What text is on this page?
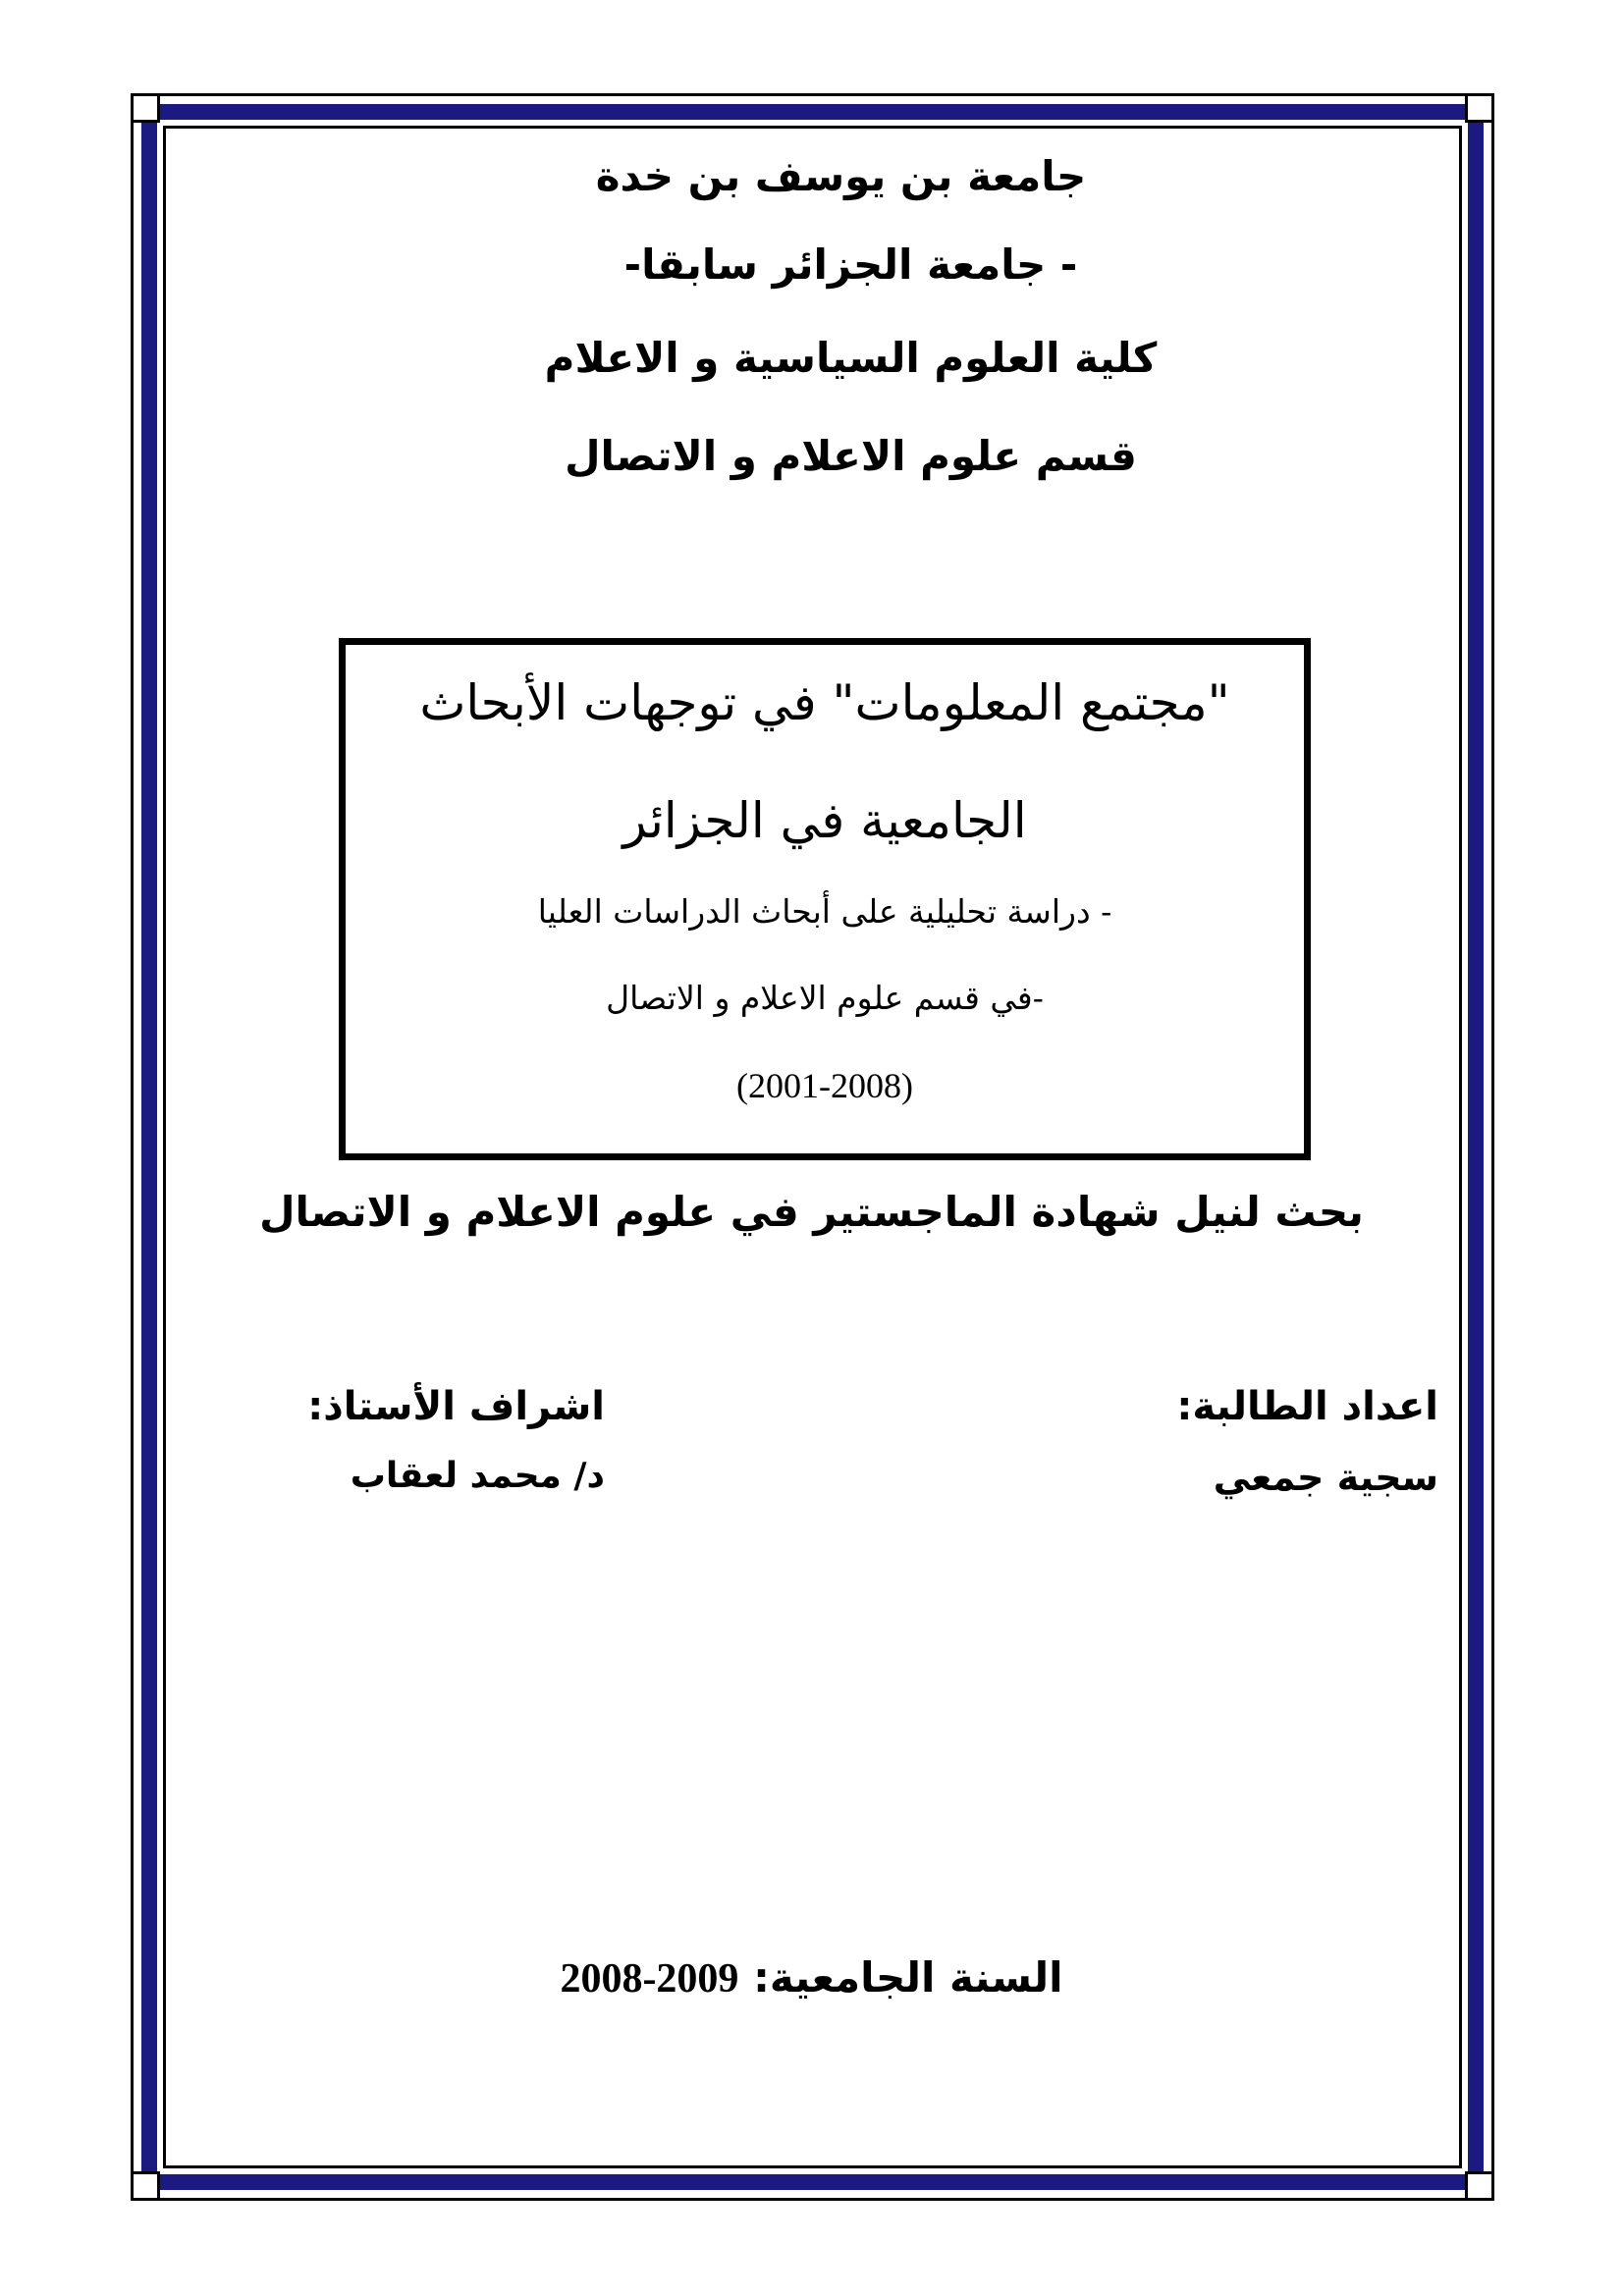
جامعة بن يوسف بن خدة
- جامعة الجزائر سابقا-
كلية العلوم السياسية و الاعلام
قسم علوم الاعلام و الاتصال
"مجتمع المعلومات" في توجهات الأبحاث
الجامعية في الجزائر
- دراسة تحليلية على أبحاث الدراسات العليا
-في قسم علوم الاعلام و الاتصال
(2001-2008)
بحث لنيل شهادة الماجستير في علوم الاعلام و الاتصال
اعداد الطالبة:
سجية جمعي
اشراف الأستاذ:
د/ محمد لعقاب
السنة الجامعية: 2008-2009
